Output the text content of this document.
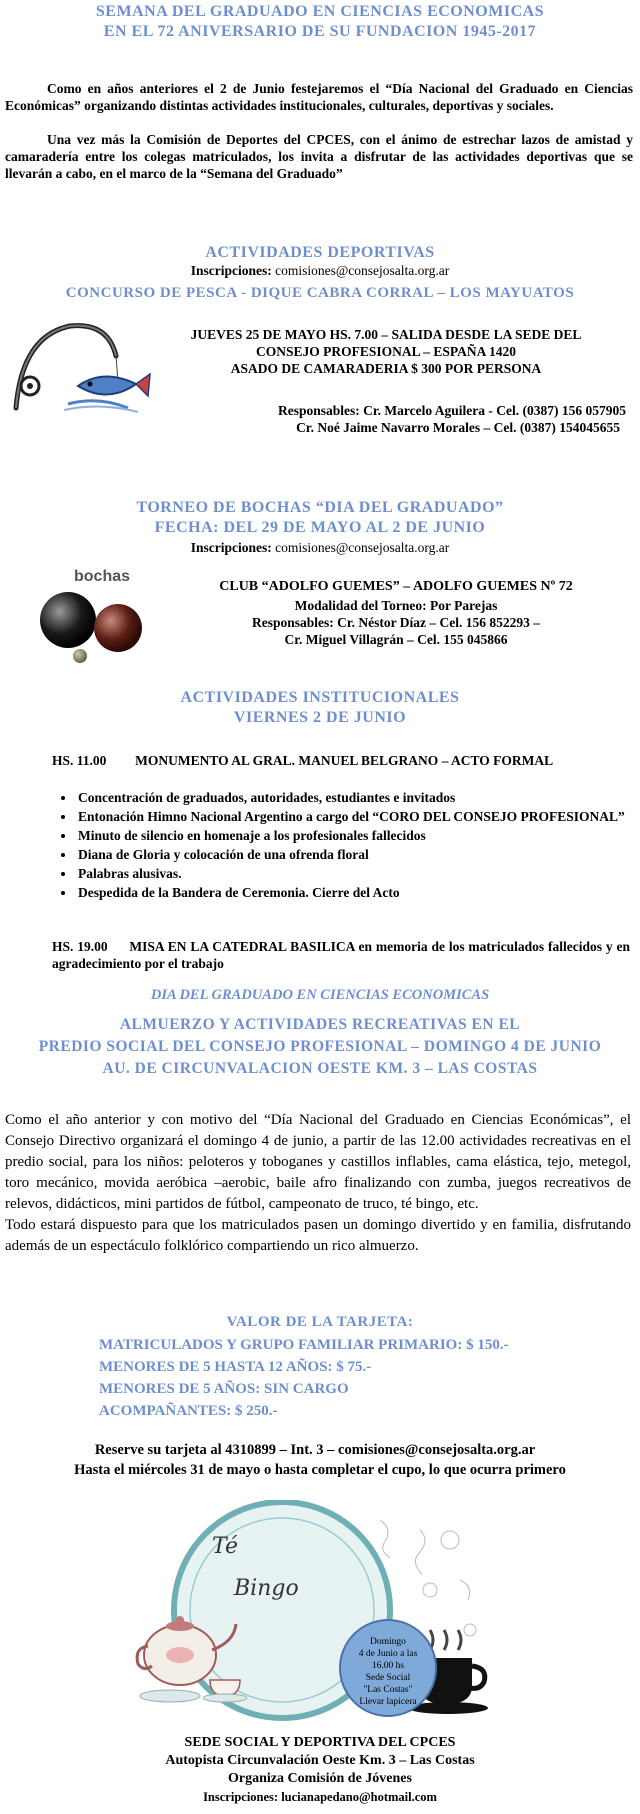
SEMANA DEL GRADUADO EN CIENCIAS ECONOMICAS
EN EL 72 ANIVERSARIO DE SU FUNDACION 1945-2017

Como en años anteriores el 2 de Junio festejaremos el “Día Nacional del Graduado en Ciencias Económicas” organizando distintas actividades institucionales, culturales, deportivas y sociales.

Una vez más la Comisión de Deportes del CPCES, con el ánimo de estrechar lazos de amistad y camaradería entre los colegas matriculados, los invita a disfrutar de las actividades deportivas que se llevarán a cabo, en el marco de la “Semana del Graduado”

ACTIVIDADES DEPORTIVAS
Inscripciones: comisiones@consejosalta.org.ar
CONCURSO DE PESCA - DIQUE CABRA CORRAL – LOS MAYUATOS
JUEVES 25 DE MAYO HS. 7.00 – SALIDA DESDE LA SEDE DEL
CONSEJO PROFESIONAL – ESPAÑA 1420
ASADO DE CAMARADERIA $ 300 POR PERSONA
Responsables: Cr. Marcelo Aguilera - Cel. (0387) 156 057905
Cr. Noé Jaime Navarro Morales – Cel. (0387) 154045655
TORNEO DE BOCHAS “DIA DEL GRADUADO”
FECHA: DEL 29 DE MAYO AL 2 DE JUNIO
Inscripciones: comisiones@consejosalta.org.ar
bochas
CLUB “ADOLFO GUEMES” – ADOLFO GUEMES Nº 72
Modalidad del Torneo: Por Parejas
Responsables: Cr. Néstor Díaz – Cel. 156 852293 –
Cr. Miguel Villagrán – Cel. 155 045866
ACTIVIDADES INSTITUCIONALES
VIERNES 2 DE JUNIO
HS. 11.00 MONUMENTO AL GRAL. MANUEL BELGRANO – ACTO FORMAL
• Concentración de graduados, autoridades, estudiantes e invitados
• Entonación Himno Nacional Argentino a cargo del “CORO DEL CONSEJO PROFESIONAL”
• Minuto de silencio en homenaje a los profesionales fallecidos
• Diana de Gloria y colocación de una ofrenda floral
• Palabras alusivas.
• Despedida de la Bandera de Ceremonia. Cierre del Acto
HS. 19.00 MISA EN LA CATEDRAL BASILICA en memoria de los matriculados fallecidos y en agradecimiento por el trabajo
DIA DEL GRADUADO EN CIENCIAS ECONOMICAS
ALMUERZO Y ACTIVIDADES RECREATIVAS EN EL
PREDIO SOCIAL DEL CONSEJO PROFESIONAL – DOMINGO 4 DE JUNIO
AU. DE CIRCUNVALACION OESTE KM. 3 – LAS COSTAS
Como el año anterior y con motivo del “Día Nacional del Graduado en Ciencias Económicas”, el Consejo Directivo organizará el domingo 4 de junio, a partir de las 12.00 actividades recreativas en el predio social, para los niños: peloteros y toboganes y castillos inflables, cama elástica, tejo, metegol, toro mecánico, movida aeróbica –aerobic, baile afro finalizando con zumba, juegos recreativos de relevos, didácticos, mini partidos de fútbol, campeonato de truco, té bingo, etc.
Todo estará dispuesto para que los matriculados pasen un domingo divertido y en familia, disfrutando además de un espectáculo folklórico compartiendo un rico almuerzo.
VALOR DE LA TARJETA:
MATRICULADOS Y GRUPO FAMILIAR PRIMARIO: $ 150.-
MENORES DE 5 HASTA 12 AÑOS: $ 75.-
MENORES DE 5 AÑOS: SIN CARGO
ACOMPAÑANTES: $ 250.-
Reserve su tarjeta al 4310899 – Int. 3 – comisiones@consejosalta.org.ar
Hasta el miércoles 31 de mayo o hasta completar el cupo, lo que ocurra primero
Té
Bingo
Domingo
4 de Junio a las
16.00 hs
Sede Social
"Las Costas"
Llevar lapicera
SEDE SOCIAL Y DEPORTIVA DEL CPCES
Autopista Circunvalación Oeste Km. 3 – Las Costas
Organiza Comisión de Jóvenes
Inscripciones: lucianapedano@hotmail.com
